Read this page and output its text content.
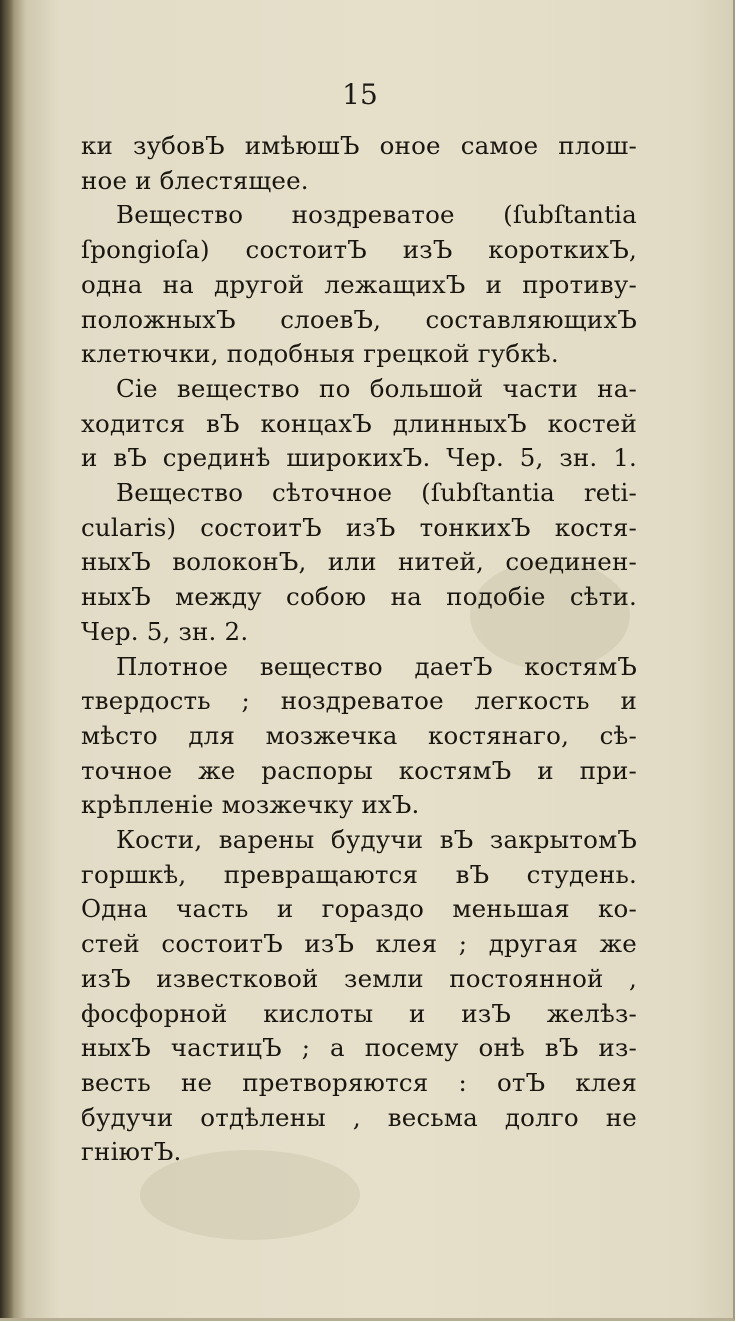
15
ки зубовЪ имѣюшЪ оное самое плош-
ное и блестящее.
Вещество ноздреватое (ſubſtantia
ſpongioſa) состоитЪ изЪ короткихЪ,
одна на другой лежащихЪ и противу-
положныхЪ слоевЪ, составляющихЪ
клетючки, подобныя грецкой губкѣ.
Сіе вещество по большой части на-
ходится вЪ концахЪ длинныхЪ костей
и вЪ срединѣ широкихЪ. Чер. 5, зн. 1.
Вещество сѣточное (ſubſtantia reti-
cularis) состоитЪ изЪ тонкихЪ костя-
ныхЪ волоконЪ, или нитей, соединен-
ныхЪ между собою на подобіе сѣти.
Чер. 5, зн. 2.
Плотное вещество даетЪ костямЪ
твердость ; ноздреватое легкость и
мѣсто для мозжечка костянаго, сѣ-
точное же распоры костямЪ и при-
крѣпленіе мозжечку ихЪ.
Кости, варены будучи вЪ закрытомЪ
горшкѣ, превращаются вЪ студень.
Одна часть и гораздо меньшая ко-
стей состоитЪ изЪ клея ; другая же
изЪ известковой земли постоянной ,
фосфорной кислоты и изЪ желѣз-
ныхЪ частицЪ ; а посему онѣ вЪ из-
весть не претворяются : отЪ клея
будучи отдѣлены , весьма долго не
гніютЪ.
